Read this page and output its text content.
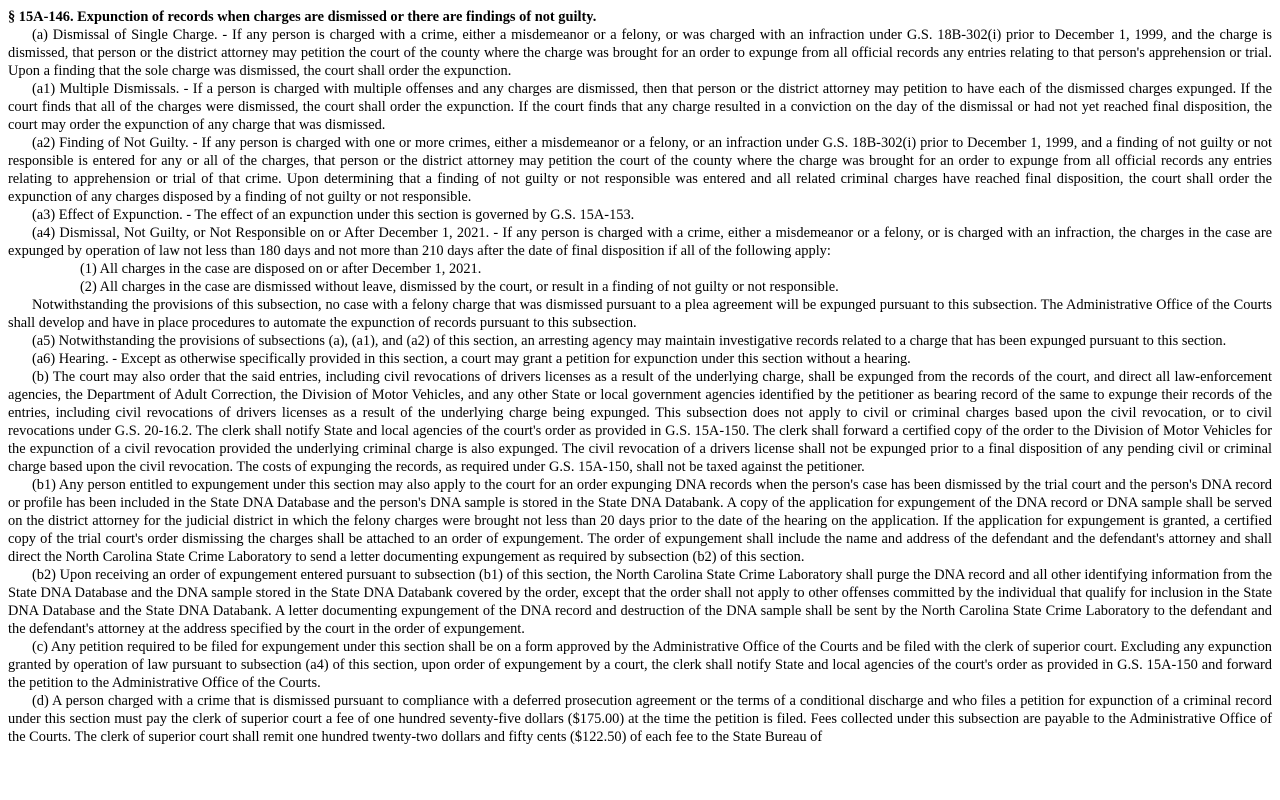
§ 15A-146. Expunction of records when charges are dismissed or there are findings of not guilty.

(a) Dismissal of Single Charge. - If any person is charged with a crime, either a misdemeanor or a felony, or was charged with an infraction under G.S. 18B-302(i) prior to December 1, 1999, and the charge is dismissed, that person or the district attorney may petition the court of the county where the charge was brought for an order to expunge from all official records any entries relating to that person's apprehension or trial. Upon a finding that the sole charge was dismissed, the court shall order the expunction.

(a1) Multiple Dismissals. - If a person is charged with multiple offenses and any charges are dismissed, then that person or the district attorney may petition to have each of the dismissed charges expunged. If the court finds that all of the charges were dismissed, the court shall order the expunction. If the court finds that any charge resulted in a conviction on the day of the dismissal or had not yet reached final disposition, the court may order the expunction of any charge that was dismissed.

(a2) Finding of Not Guilty. - If any person is charged with one or more crimes, either a misdemeanor or a felony, or an infraction under G.S. 18B-302(i) prior to December 1, 1999, and a finding of not guilty or not responsible is entered for any or all of the charges, that person or the district attorney may petition the court of the county where the charge was brought for an order to expunge from all official records any entries relating to apprehension or trial of that crime. Upon determining that a finding of not guilty or not responsible was entered and all related criminal charges have reached final disposition, the court shall order the expunction of any charges disposed by a finding of not guilty or not responsible.

(a3) Effect of Expunction. - The effect of an expunction under this section is governed by G.S. 15A-153.

(a4) Dismissal, Not Guilty, or Not Responsible on or After December 1, 2021. - If any person is charged with a crime, either a misdemeanor or a felony, or is charged with an infraction, the charges in the case are expunged by operation of law not less than 180 days and not more than 210 days after the date of final disposition if all of the following apply:

(1) All charges in the case are disposed on or after December 1, 2021.

(2) All charges in the case are dismissed without leave, dismissed by the court, or result in a finding of not guilty or not responsible.

Notwithstanding the provisions of this subsection, no case with a felony charge that was dismissed pursuant to a plea agreement will be expunged pursuant to this subsection. The Administrative Office of the Courts shall develop and have in place procedures to automate the expunction of records pursuant to this subsection.

(a5) Notwithstanding the provisions of subsections (a), (a1), and (a2) of this section, an arresting agency may maintain investigative records related to a charge that has been expunged pursuant to this section.

(a6) Hearing. - Except as otherwise specifically provided in this section, a court may grant a petition for expunction under this section without a hearing.

(b) The court may also order that the said entries, including civil revocations of drivers licenses as a result of the underlying charge, shall be expunged from the records of the court, and direct all law-enforcement agencies, the Department of Adult Correction, the Division of Motor Vehicles, and any other State or local government agencies identified by the petitioner as bearing record of the same to expunge their records of the entries, including civil revocations of drivers licenses as a result of the underlying charge being expunged. This subsection does not apply to civil or criminal charges based upon the civil revocation, or to civil revocations under G.S. 20-16.2. The clerk shall notify State and local agencies of the court's order as provided in G.S. 15A-150. The clerk shall forward a certified copy of the order to the Division of Motor Vehicles for the expunction of a civil revocation provided the underlying criminal charge is also expunged. The civil revocation of a drivers license shall not be expunged prior to a final disposition of any pending civil or criminal charge based upon the civil revocation. The costs of expunging the records, as required under G.S. 15A-150, shall not be taxed against the petitioner.

(b1) Any person entitled to expungement under this section may also apply to the court for an order expunging DNA records when the person's case has been dismissed by the trial court and the person's DNA record or profile has been included in the State DNA Database and the person's DNA sample is stored in the State DNA Databank. A copy of the application for expungement of the DNA record or DNA sample shall be served on the district attorney for the judicial district in which the felony charges were brought not less than 20 days prior to the date of the hearing on the application. If the application for expungement is granted, a certified copy of the trial court's order dismissing the charges shall be attached to an order of expungement. The order of expungement shall include the name and address of the defendant and the defendant's attorney and shall direct the North Carolina State Crime Laboratory to send a letter documenting expungement as required by subsection (b2) of this section.

(b2) Upon receiving an order of expungement entered pursuant to subsection (b1) of this section, the North Carolina State Crime Laboratory shall purge the DNA record and all other identifying information from the State DNA Database and the DNA sample stored in the State DNA Databank covered by the order, except that the order shall not apply to other offenses committed by the individual that qualify for inclusion in the State DNA Database and the State DNA Databank. A letter documenting expungement of the DNA record and destruction of the DNA sample shall be sent by the North Carolina State Crime Laboratory to the defendant and the defendant's attorney at the address specified by the court in the order of expungement.

(c) Any petition required to be filed for expungement under this section shall be on a form approved by the Administrative Office of the Courts and be filed with the clerk of superior court. Excluding any expunction granted by operation of law pursuant to subsection (a4) of this section, upon order of expungement by a court, the clerk shall notify State and local agencies of the court's order as provided in G.S. 15A-150 and forward the petition to the Administrative Office of the Courts.

(d) A person charged with a crime that is dismissed pursuant to compliance with a deferred prosecution agreement or the terms of a conditional discharge and who files a petition for expunction of a criminal record under this section must pay the clerk of superior court a fee of one hundred seventy-five dollars ($175.00) at the time the petition is filed. Fees collected under this subsection are payable to the Administrative Office of the Courts. The clerk of superior court shall remit one hundred twenty-two dollars and fifty cents ($122.50) of each fee to the State Bureau of
